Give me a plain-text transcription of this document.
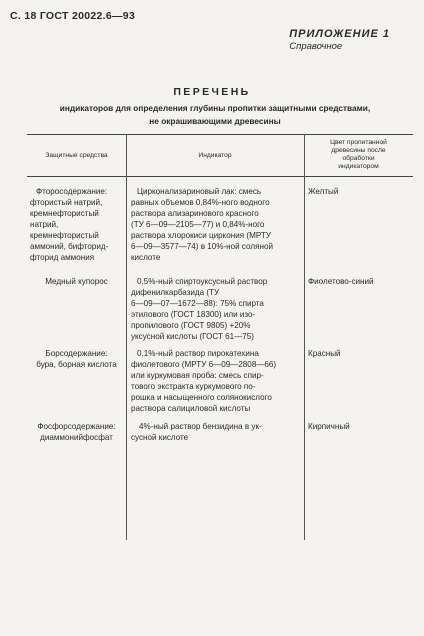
С. 18 ГОСТ 20022.6—93
ПРИЛОЖЕНИЕ 1
Справочное
ПЕРЕЧЕНЬ
индикаторов для определения глубины пропитки защитными средствами,
не окрашивающими древесины
Защитные средства	Индикатор
Цвет пропитанной
древесины после
обработки
индикатором
Фторосодержание:
фтористый натрий,
кремнефтористый натрий,
кремнефтористый
аммоний, бифторид-
фторид аммония
Цирконализариновый лак: смесь
равных объемов 0,84%-ного водного
раствора ализаринового красного
(ТУ 6—09—2105—77) и 0,84%-ного
раствора хлорокиси циркония (МРТУ
6—09—3577—74) в 10%-ной соляной
кислоте
Желтый
Медный купорос	0,5%-ный спиртоуксусный раствор
дифенилкарбазида (ТУ
6—09—07—1672—88): 75% спирта
этилового (ГОСТ 18300) или изо-
пропилового (ГОСТ 9805) +20%
уксусной кислоты (ГОСТ 61—75)
Фиолетово-синий
Борсодержание:
бура, борная кислота
0,1%-ный раствор пирокатехина
фиолетового (МРТУ 6—09—2808—66)
или куркумовая проба: смесь спир-
тового экстракта куркумового по-
рошка и насыщенного солянокислого
раствора салициловой кислоты
Красный
Фосфорсодержание:
диаммонийфосфат
4%-ный раствор бензидина в ук-
сусной кислоте
Кирпичный
